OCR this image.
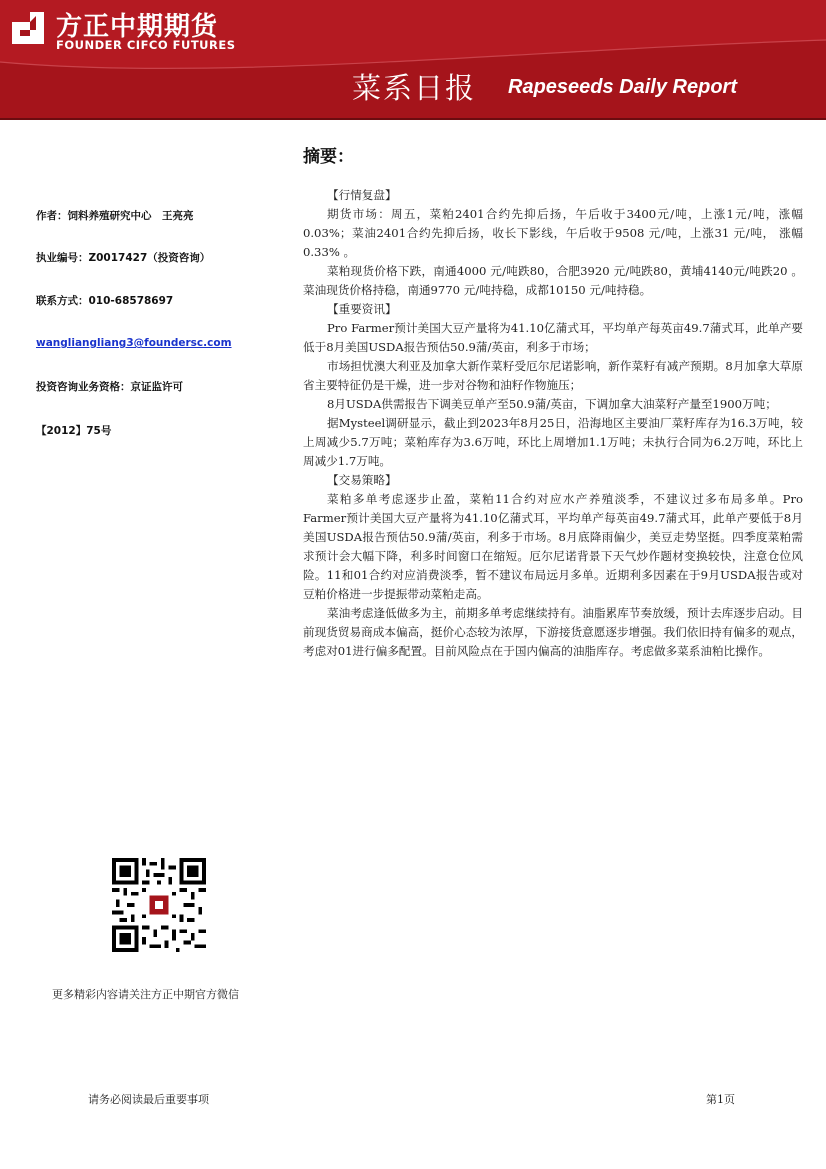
方正中期期货
FOUNDER CIFCO FUTURES
菜系日报 Rapeseeds Daily Report
作者：饲料养殖研究中心　王亮亮
执业编号：Z0017427（投资咨询）
联系方式：010-68578697
wangliangliang3@foundersc.com
投资咨询业务资格：京证监许可
【2012】75号
摘要：
【行情复盘】
期货市场：周五，菜粕2401合约先抑后扬，午后收于3400元/吨，上涨1元/吨，涨幅 0.03%；菜油2401合约先抑后扬，收长下影线，午后收于9508 元/吨，上涨31 元/吨， 涨幅0.33% 。
菜粕现货价格下跌，南通4000 元/吨跌80，合肥3920 元/吨跌80，黄埔4140元/吨跌20 。菜油现货价格持稳，南通9770 元/吨持稳，成都10150 元/吨持稳。
【重要资讯】
Pro Farmer预计美国大豆产量将为41.10亿蒲式耳，平均单产每英亩49.7蒲式耳，此单产要低于8月美国USDA报告预估50.9蒲/英亩，利多于市场；
市场担忧澳大利亚及加拿大新作菜籽受厄尔尼诺影响，新作菜籽有减产预期。8月加拿大草原省主要特征仍是干燥，进一步对谷物和油籽作物施压；
8月USDA供需报告下调美豆单产至50.9蒲/英亩，下调加拿大油菜籽产量至1900万吨；
据Mysteel调研显示，截止到2023年8月25日，沿海地区主要油厂菜籽库存为16.3万吨，较上周减少5.7万吨；菜粕库存为3.6万吨，环比上周增加1.1万吨；未执行合同为6.2万吨，环比上周减少1.7万吨。
【交易策略】
菜粕多单考虑逐步止盈，菜粕11合约对应水产养殖淡季，不建议过多布局多单。Pro Farmer预计美国大豆产量将为41.10亿蒲式耳，平均单产每英亩49.7蒲式耳，此单产要低于8月美国USDA报告预估50.9蒲/英亩，利多于市场。8月底降雨偏少，美豆走势坚挺。四季度菜粕需求预计会大幅下降，利多时间窗口在缩短。厄尔尼诺背景下天气炒作题材变换较快，注意仓位风险。11和01合约对应消费淡季，暂不建议布局远月多单。近期利多因素在于9月USDA报告或对豆粕价格进一步提振带动菜粕走高。
菜油考虑逢低做多为主，前期多单考虑继续持有。油脂累库节奏放缓，预计去库逐步启动。目前现货贸易商成本偏高，挺价心态较为浓厚，下游接货意愿逐步增强。我们依旧持有偏多的观点，考虑对01进行偏多配置。目前风险点在于国内偏高的油脂库存。考虑做多菜系油粕比操作。
更多精彩内容请关注方正中期官方微信
请务必阅读最后重要事项	第1页
